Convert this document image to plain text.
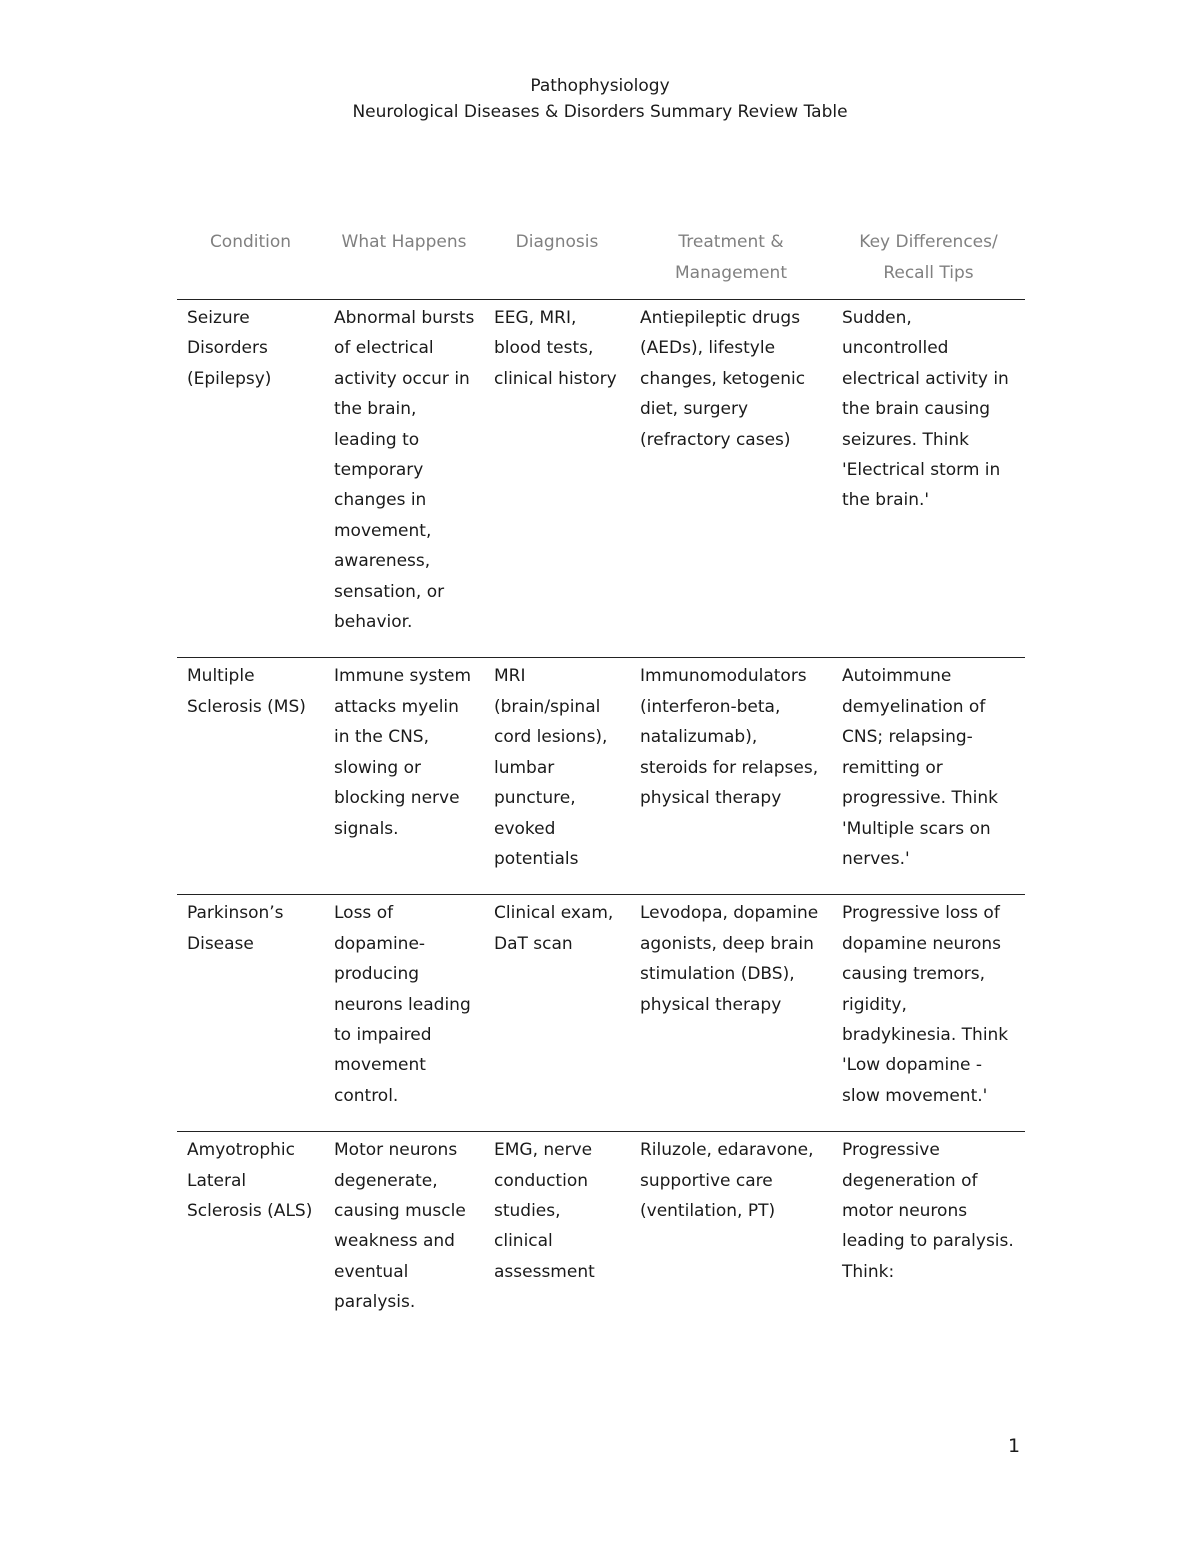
Pathophysiology
Neurological Diseases & Disorders Summary Review Table
Condition	What Happens	Diagnosis	Treatment & Management	Key Differences/ Recall Tips
Seizure Disorders (Epilepsy)	Abnormal bursts of electrical activity occur in the brain, leading to temporary changes in movement, awareness, sensation, or behavior.	EEG, MRI, blood tests, clinical history	Antiepileptic drugs (AEDs), lifestyle changes, ketogenic diet, surgery (refractory cases)	Sudden, uncontrolled electrical activity in the brain causing seizures. Think 'Electrical storm in the brain.'
Multiple Sclerosis (MS)	Immune system attacks myelin in the CNS, slowing or blocking nerve signals.	MRI (brain/spinal cord lesions), lumbar puncture, evoked potentials	Immunomodulators (interferon-beta, natalizumab), steroids for relapses, physical therapy	Autoimmune demyelination of CNS; relapsing-remitting or progressive. Think 'Multiple scars on nerves.'
Parkinson’s Disease	Loss of dopamine-producing neurons leading to impaired movement control.	Clinical exam, DaT scan	Levodopa, dopamine agonists, deep brain stimulation (DBS), physical therapy	Progressive loss of dopamine neurons causing tremors, rigidity, bradykinesia. Think 'Low dopamine - slow movement.'
Amyotrophic Lateral Sclerosis (ALS)	Motor neurons degenerate, causing muscle weakness and eventual paralysis.	EMG, nerve conduction studies, clinical assessment	Riluzole, edaravone, supportive care (ventilation, PT)	Progressive degeneration of motor neurons leading to paralysis. Think:
1
